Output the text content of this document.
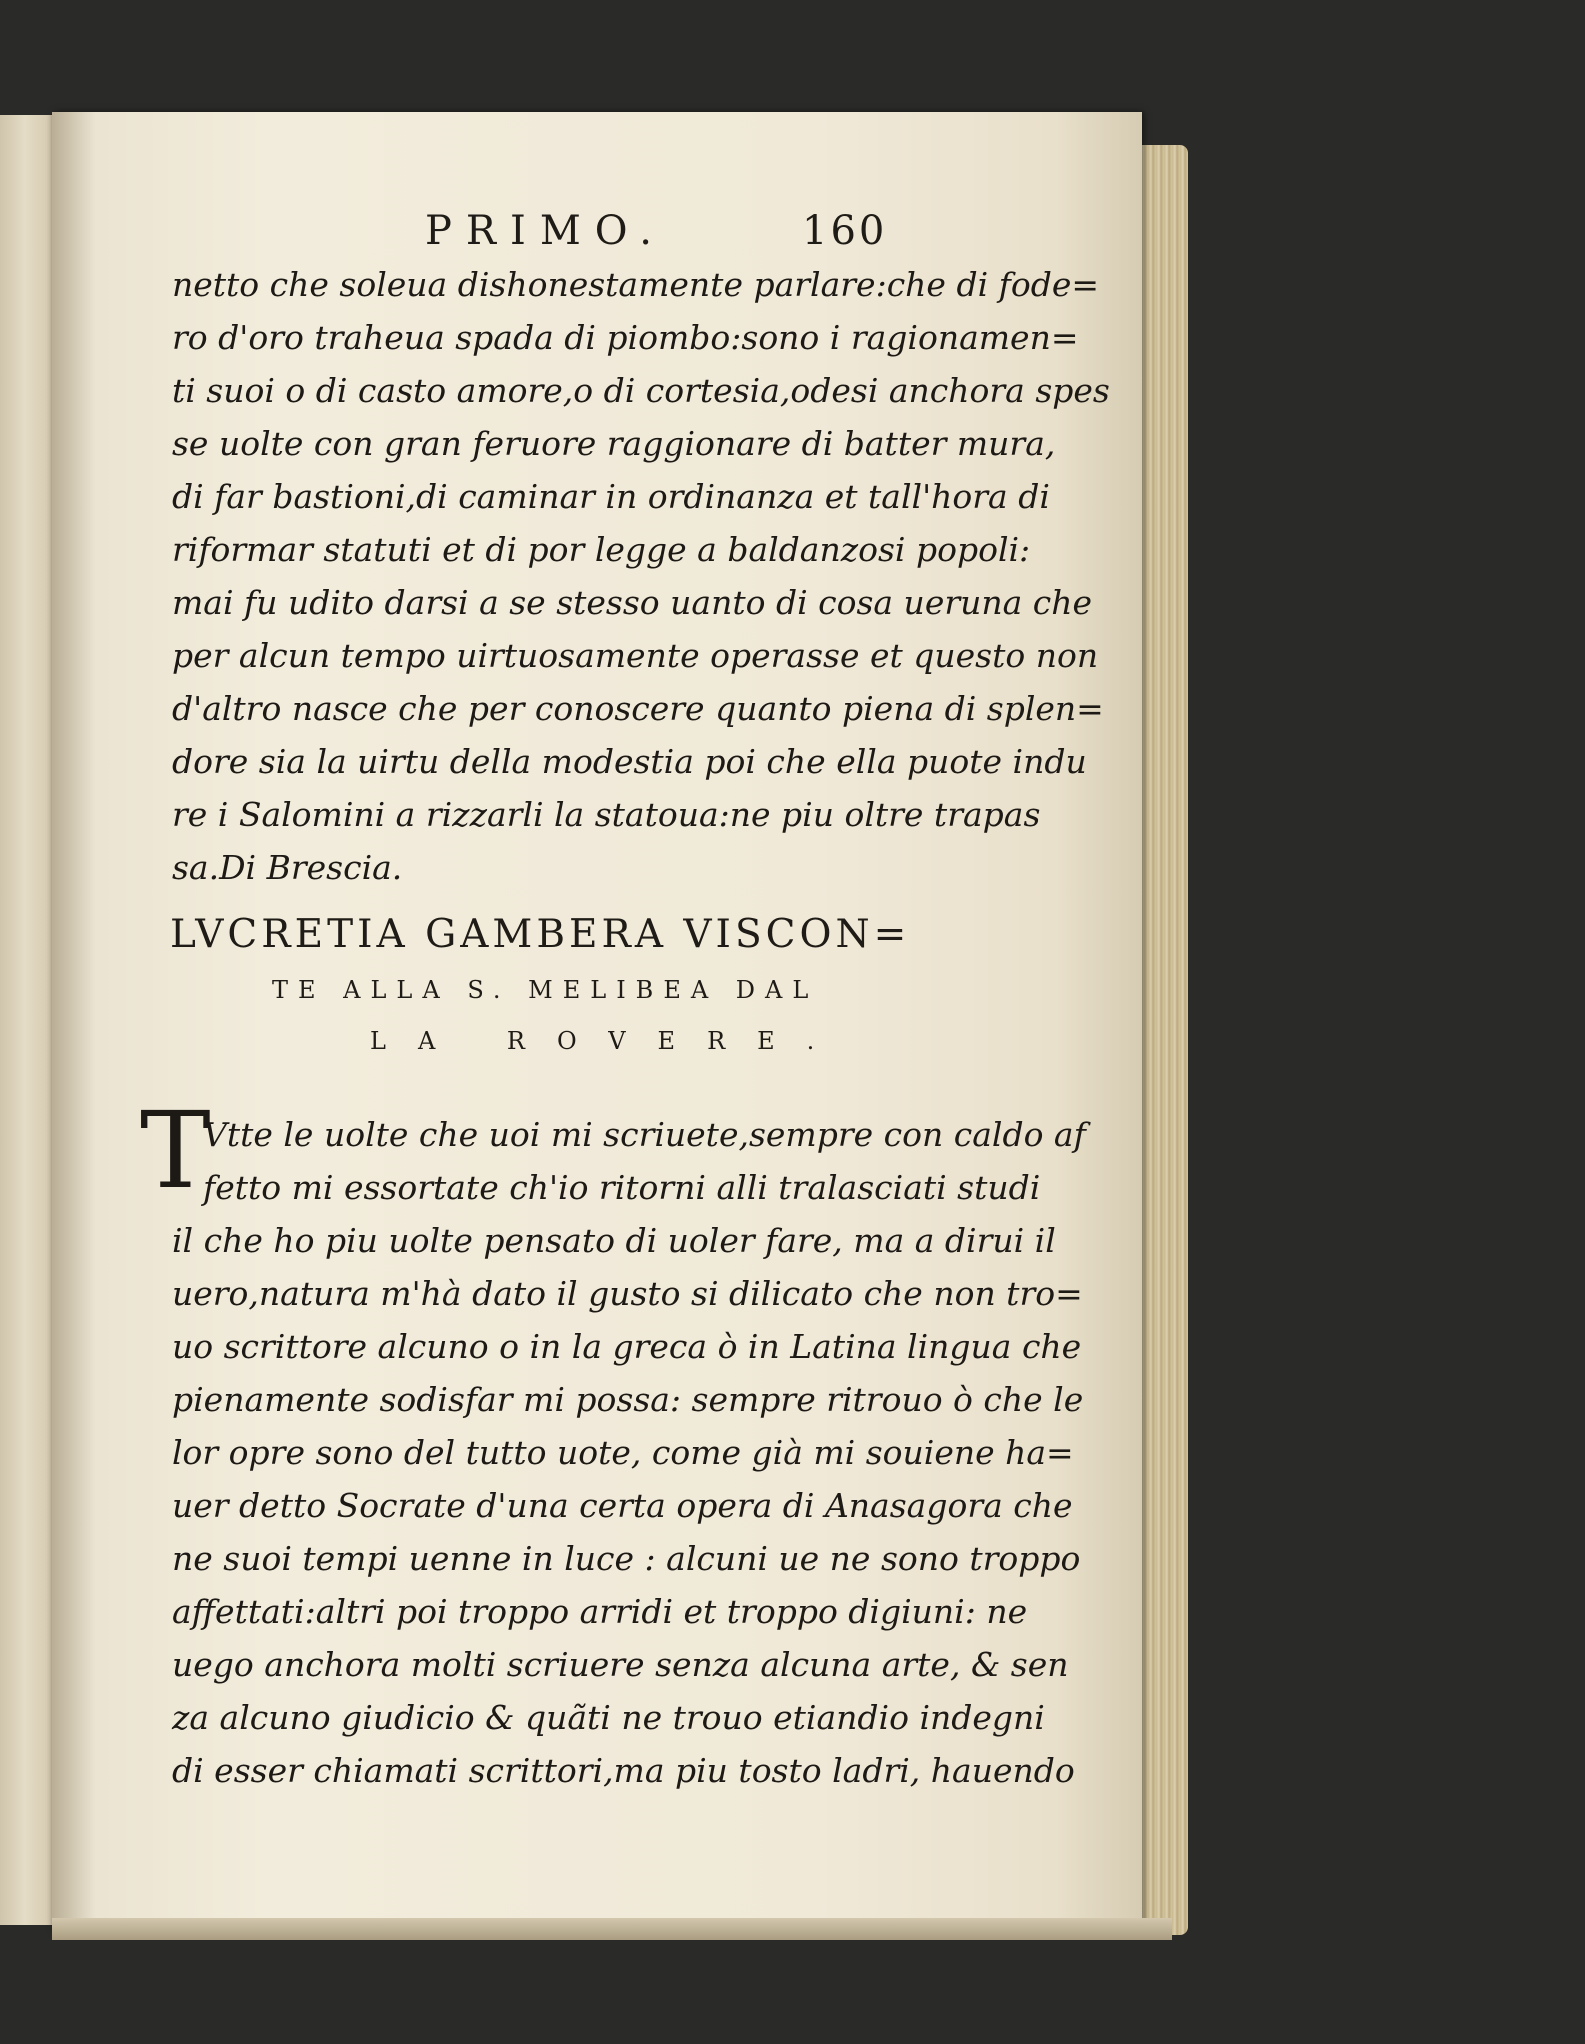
PRIMO.	160
netto che soleua dishonestamente parlare:che di fode=
ro d'oro traheua spada di piombo:sono i ragionamen=
ti suoi o di casto amore,o di cortesia,odesi anchora spes
se uolte con gran feruore raggionare di batter mura,
di far bastioni,di caminar in ordinanza et tall'hora di
riformar statuti et di por legge a baldanzosi popoli:
mai fu udito darsi a se stesso uanto di cosa ueruna che
per alcun tempo uirtuosamente operasse et questo non
d'altro nasce che per conoscere quanto piena di splen=
dore sia la uirtu della modestia poi che ella puote indu
re i Salomini a rizzarli la statoua:ne piu oltre trapas
sa.Di Brescia.
LVCRETIA GAMBERA VISCON=
TE ALLA S. MELIBEA DAL
LA ROVERE.
T
Vtte le uolte che uoi mi scriuete,sempre con caldo af
fetto mi essortate ch'io ritorni alli tralasciati studi
il che ho piu uolte pensato di uoler fare, ma a dirui il
uero,natura m'hà dato il gusto si dilicato che non tro=
uo scrittore alcuno o in la greca ò in Latina lingua che
pienamente sodisfar mi possa: sempre ritrouo ò che le
lor opre sono del tutto uote, come già mi souiene ha=
uer detto Socrate d'una certa opera di Anasagora che
ne suoi tempi uenne in luce : alcuni ue ne sono troppo
affettati:altri poi troppo arridi et troppo digiuni: ne
uego anchora molti scriuere senza alcuna arte, & sen
za alcuno giudicio & quãti ne trouo etiandio indegni
di esser chiamati scrittori,ma piu tosto ladri, hauendo
